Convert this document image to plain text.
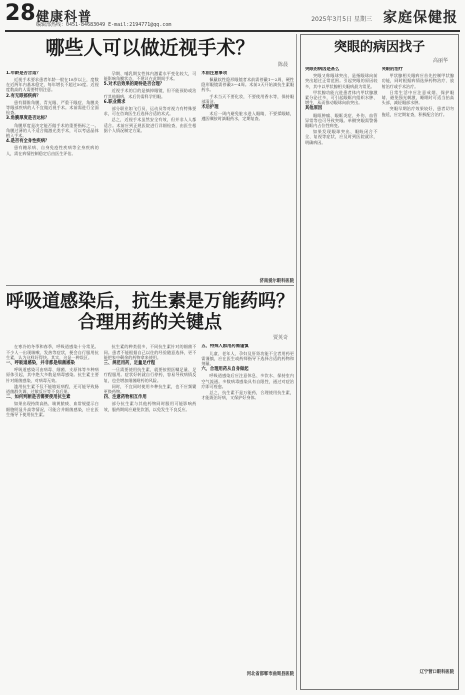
28 健康科普
编辑部热线：0451-84683049 E-mail:2194771@qq.com
2025年3月5日 星期三 家庭保健报
哪些人可以做近视手术？
陈晨

1.年龄是否合适？

近视手术要求患者年龄一般在18岁以上，度数在近两年内基本稳定，每年增长不超过50度。近视度数高的人需要特别注意。

2.有无眼部疾病？

患有圆锥角膜、青光眼、严重干眼症、角膜炎等眼部疾病的人不宜做近视手术。术前需进行全面检查。

3.角膜厚度是否达标？

角膜厚度是决定能否做手术的重要指标之一。角膜过薄的人不适合做激光类手术，可以考虑晶体植入手术。

4.是否有全身性疾病？

患有糖尿病、自身免疫性疾病等全身疾病的人，需在病情控制稳定后由医生评估。

孕期、哺乳期女性体内激素水平变化较大，可能影响角膜状态，不建议在此期间手术。

5.对术后效果的期待是否合理？

近视手术的目的是摘掉眼镜，但不能预防或治疗其他眼病，术后仍需科学用眼。

6.职业需求

部分职业如飞行员、运动员等对视力有特殊要求，可在咨询医生后选择合适的术式。

总之，近视手术虽然安全有效，但并非人人都适合。术前应到正规医院进行详细检查，由医生根据个人情况制定方案。

术前注意事项

佩戴软性隐形眼镜者术前需停戴1～2周，硬性隐形眼镜需停戴3～4周。术前3天开始滴抗生素眼药水。

手术当天不要化妆，不要使用香水等，保持眼部清洁。

术后护理

术后一周内避免脏水进入眼睛，不要揉眼睛，遵医嘱按时滴眼药水，定期复查。

济南爱尔眼科医院
呼吸道感染后，抗生素是万能药吗？合理用药的关键点
贾英奇

在寒冷的冬季和春季，呼吸道感染十分常见。不少人一出现咳嗽、发热等症状，便会自行服用抗生素，认为这样好得快。其实，这是一种误区。

一、呼吸道感染，并非都是细菌感染

呼吸道感染可由病毒、细菌、支原体等多种病原体引起，其中绝大多数是病毒感染。抗生素主要针对细菌感染，对病毒无效。

滥用抗生素不仅不能缩短病程，还可能导致肠道菌群失调、过敏反应等不良后果。

二、如何判断是否需要使用抗生素

如果出现持续高热、咳黄脓痰、血常规提示白细胞明显升高等情况，可能合并细菌感染，应在医生指导下使用抗生素。

抗生素的种类很多，不同抗生素针对的细菌不同。患者不能根据自己以往的经验随意选择，更不能把家中剩余的药物拿来使用。

三、规范用药，足量足疗程

一旦需要使用抗生素，就要按照医嘱足量、足疗程服用。症状好转就自行停药，容易导致病情反复，也会增加细菌耐药的风险。

同时，不宜同时使用多种抗生素，也不应频繁更换药物。

四、注意药物相互作用

部分抗生素与其他药物同时服用可能影响药效，服药期间应避免饮酒，以免发生不良反应。

五、特殊人群用药需谨慎

儿童、老年人、孕妇及肝肾功能不全者用药更需谨慎，应在医生或药师指导下选择合适的药物和剂量。

六、合理用药从自身做起

呼吸道感染后应注意休息、多饮水、保持室内空气流通。多数病毒感染具有自限性，通过对症治疗即可痊愈。

总之，抗生素不是万能药，合理使用抗生素，才能既治好病，又保护好身体。

河北省邯郸市曲周县医院
突眼的病因找子
高丽华

突眼的病因是甚么

突眼又称眼球突出，是指眼球向前突出超过正常范围。引起突眼的原因较多，其中以甲状腺相关眼病最为常见。

甲状腺功能亢进患者体内甲状腺激素分泌过多，可引起眼眶内组织水肿、增生，从而推动眼球向前突出。

其他原因

眼眶肿瘤、眼眶炎症、外伤、血管异常等也可导致突眼。单侧突眼需警惕眼眶内占位性病变。

如果发现眼球突出、眼睑闭合不全、复视等症状，应及时到医院就诊，明确病因。

突眼的治疗

甲状腺相关眼病应首先控制甲状腺功能，同时根据病情选择药物治疗、放射治疗或手术治疗。

日常生活中应注意戒烟、保护眼睛、避免强光刺激，睡眠时可适当抬高头部，减轻眼部水肿。

突眼早期治疗效果较好，患者切勿拖延，应定期复查，积极配合治疗。

辽宁营口眼科医院
